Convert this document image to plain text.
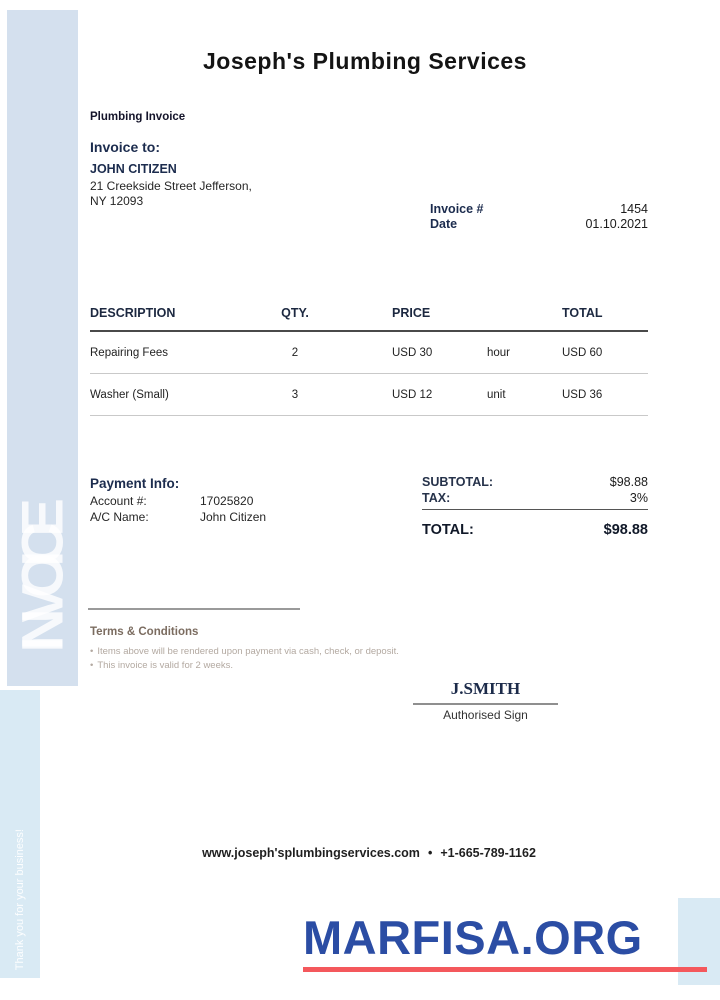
INVOICE
Thank you for your business!
Joseph's Plumbing Services
Plumbing Invoice
Invoice to:
JOHN CITIZEN
21 Creekside Street Jefferson,
NY 12093
Invoice #	1454
Date	01.10.2021
DESCRIPTION	QTY.	PRICE	TOTAL
Repairing Fees	2	USD 30	hour	USD 60
Washer (Small)	3	USD 12	unit	USD 36
Payment Info:
Account #:	17025820
A/C Name:	John Citizen
SUBTOTAL:	$98.88
TAX:	3%
TOTAL:	$98.88
Terms & Conditions
• Items above will be rendered upon payment via cash, check, or deposit.
• This invoice is valid for 2 weeks.
J.SMITH
Authorised Sign
www.joseph'splumbingservices.com • +1-665-789-1162
MARFISA.ORG
